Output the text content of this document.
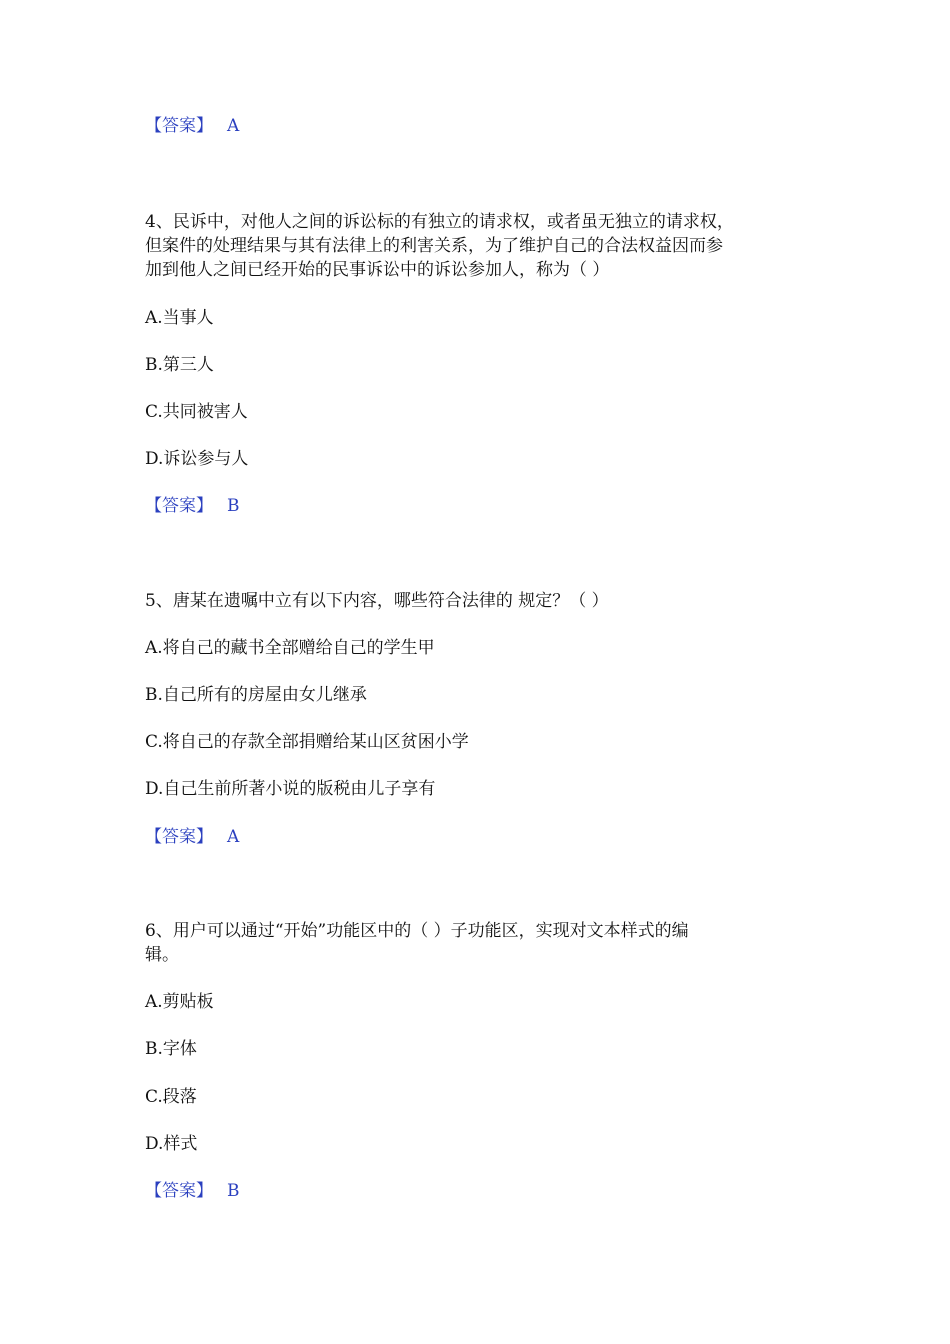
【答案】 A
4、民诉中，对他人之间的诉讼标的有独立的请求权，或者虽无独立的请求权，
但案件的处理结果与其有法律上的利害关系，为了维护自己的合法权益因而参
加到他人之间已经开始的民事诉讼中的诉讼参加人，称为（ ）
A.当事人
B.第三人
C.共同被害人
D.诉讼参与人
【答案】 B
5、唐某在遗嘱中立有以下内容，哪些符合法律的 规定？（ ）
A.将自己的藏书全部赠给自己的学生甲
B.自己所有的房屋由女儿继承
C.将自己的存款全部捐赠给某山区贫困小学
D.自己生前所著小说的版税由儿子享有
【答案】 A
6、用户可以通过“开始”功能区中的（ ）子功能区，实现对文本样式的编
辑。
A.剪贴板
B.字体
C.段落
D.样式
【答案】 B
